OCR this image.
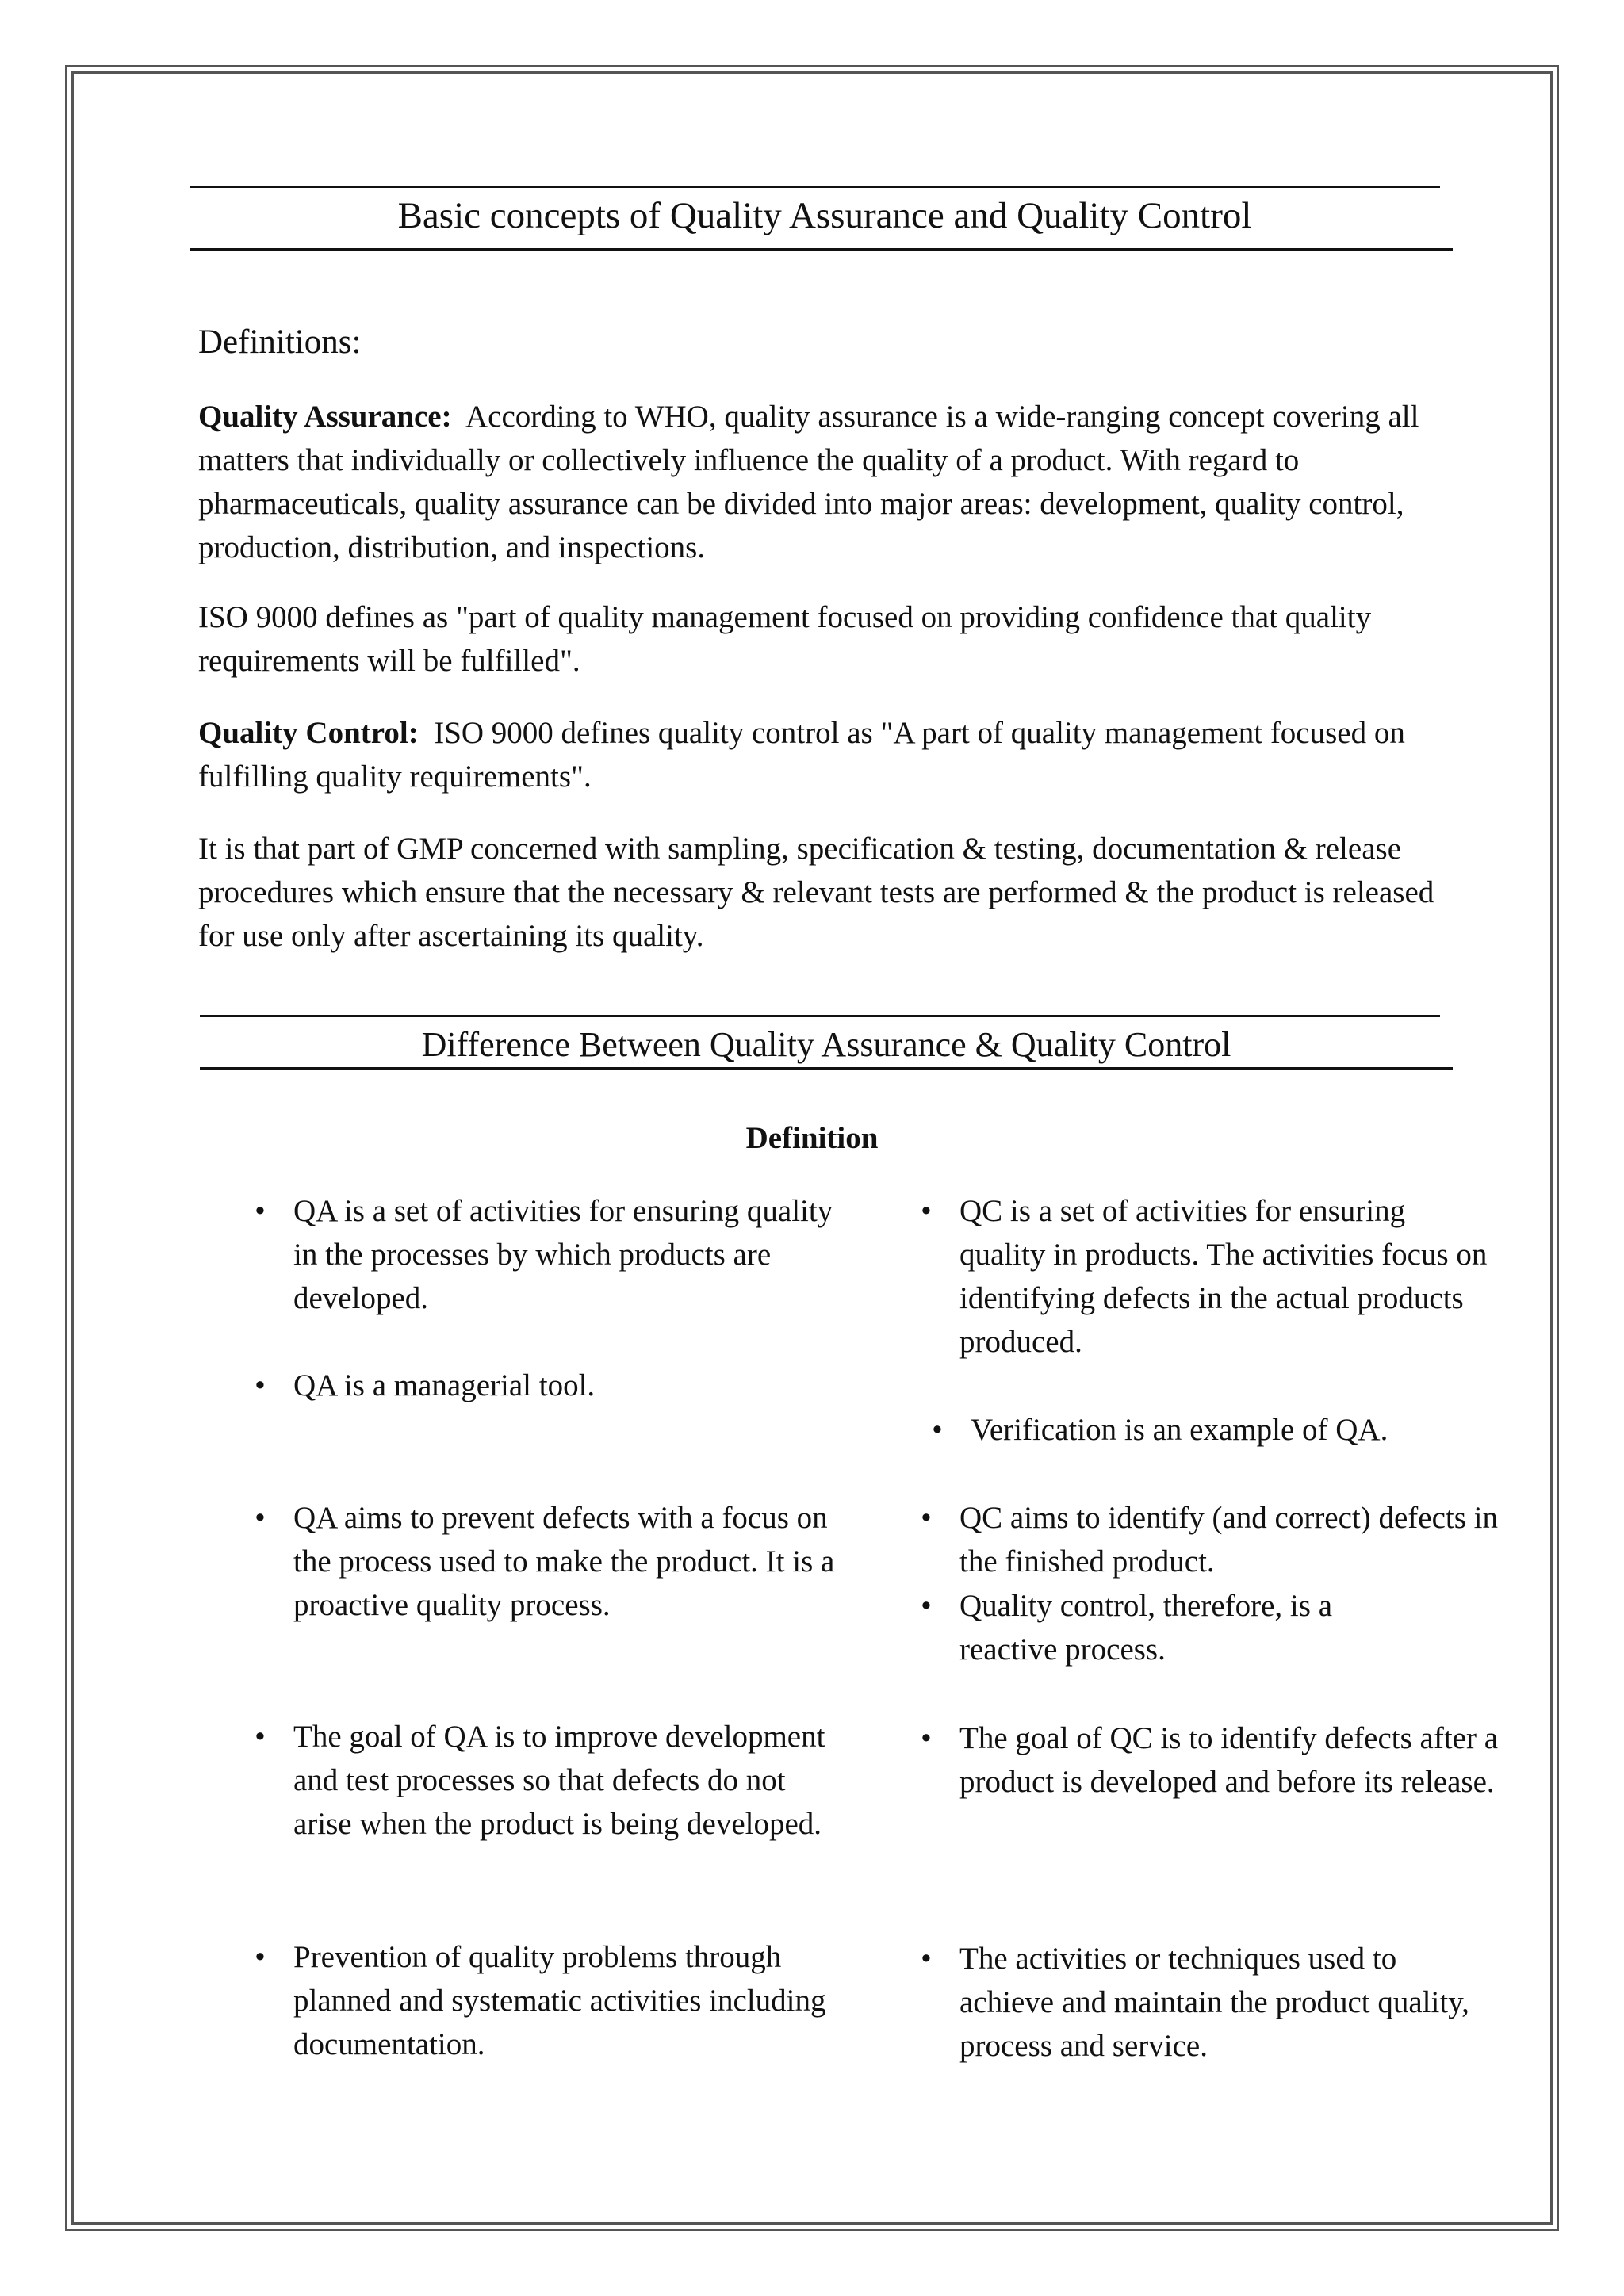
Basic concepts of Quality Assurance and Quality Control
Definitions:

Quality Assurance: According to WHO, quality assurance is a wide-ranging concept covering all matters that individually or collectively influence the quality of a product. With regard to pharmaceuticals, quality assurance can be divided into major areas: development, quality control, production, distribution, and inspections.

ISO 9000 defines as "part of quality management focused on providing confidence that quality requirements will be fulfilled".

Quality Control: ISO 9000 defines quality control as "A part of quality management focused on fulfilling quality requirements".

It is that part of GMP concerned with sampling, specification & testing, documentation & release procedures which ensure that the necessary & relevant tests are performed & the product is released for use only after ascertaining its quality.

Difference Between Quality Assurance & Quality Control
Definition
• QA is a set of activities for ensuring quality in the processes by which products are developed.
• QA is a managerial tool.
• QA aims to prevent defects with a focus on the process used to make the product. It is a proactive quality process.
• The goal of QA is to improve development and test processes so that defects do not arise when the product is being developed.
• Prevention of quality problems through planned and systematic activities including documentation.
• QC is a set of activities for ensuring quality in products. The activities focus on identifying defects in the actual products produced.
• Verification is an example of QA.
• QC aims to identify (and correct) defects in the finished product.
• Quality control, therefore, is a reactive process.
• The goal of QC is to identify defects after a product is developed and before its release.
• The activities or techniques used to achieve and maintain the product quality, process and service.
